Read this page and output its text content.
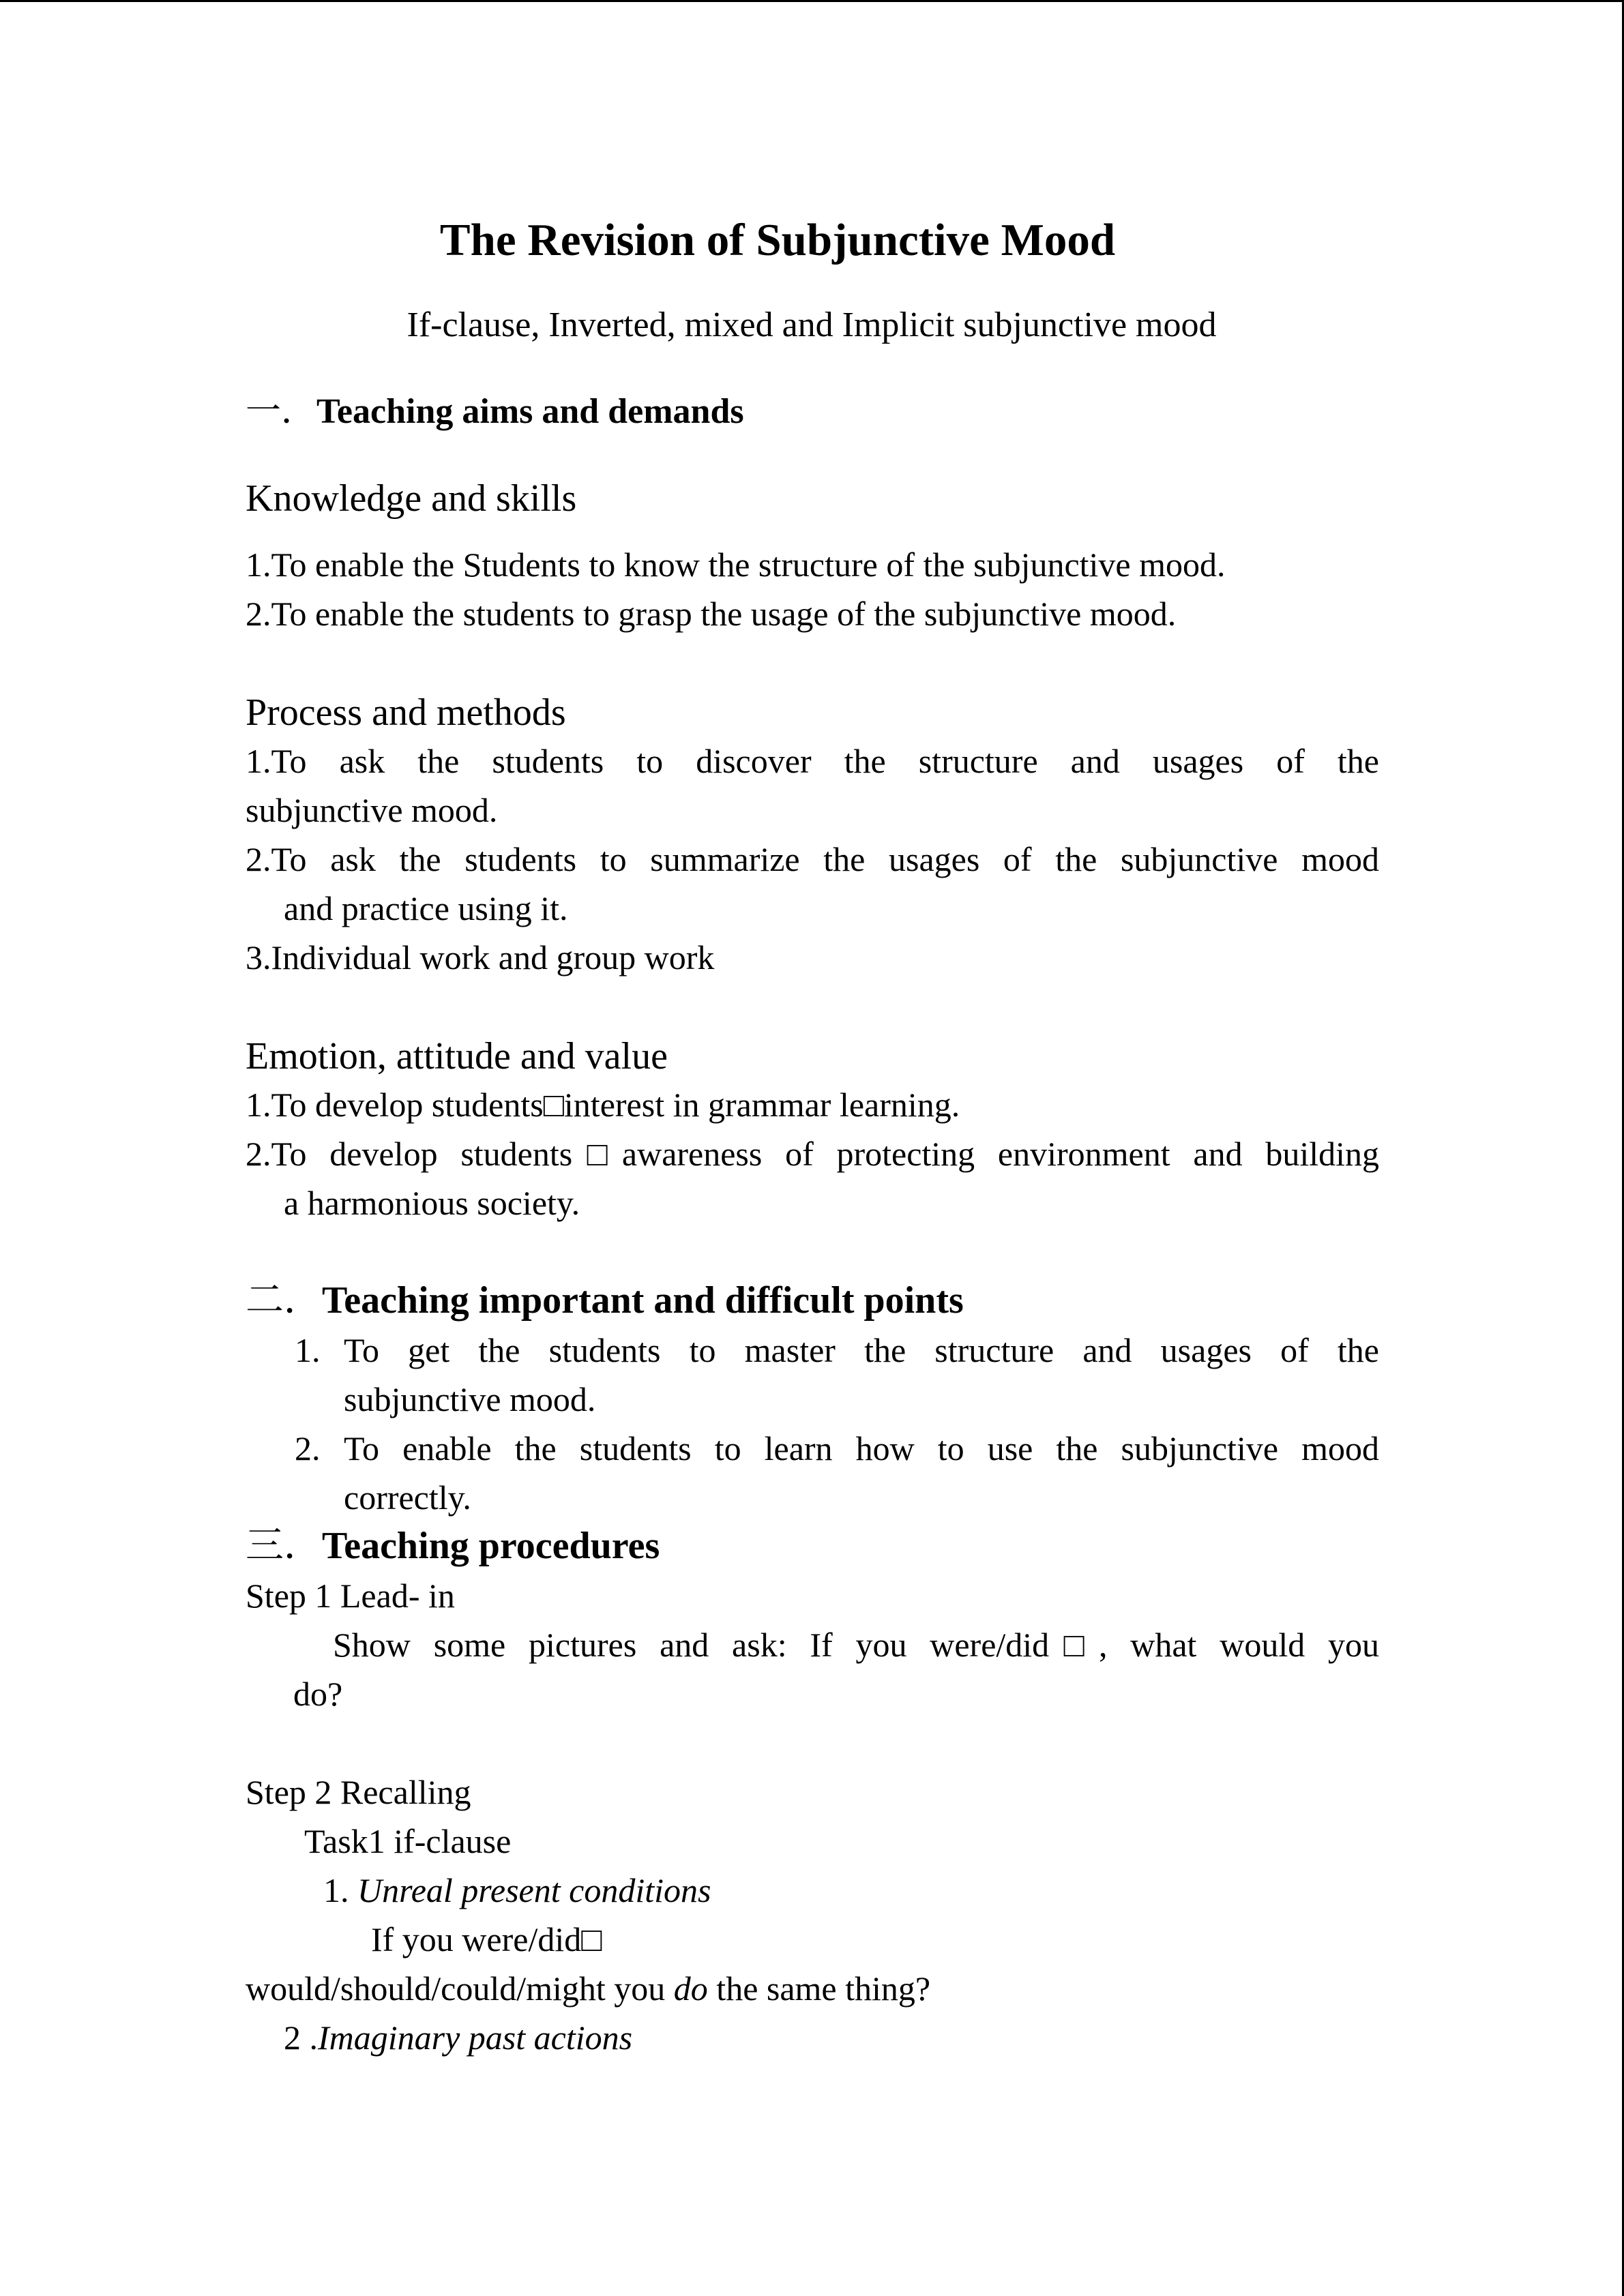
The Revision of Subjunctive Mood
If-clause, Inverted, mixed and Implicit subjunctive mood
一．Teaching aims and demands
Knowledge and skills
1.To enable the Students to know the structure of the subjunctive mood.
2.To enable the students to grasp the usage of the subjunctive mood.
Process and methods
1.To ask the students to discover the structure and usages of the
subjunctive mood.
2.To ask the students to summarize the usages of the subjunctive mood
and practice using it.
3.Individual work and group work
Emotion, attitude and value
1.To develop students□interest in grammar learning.
2.To develop students□awareness of protecting environment and building
a harmonious society.
二．Teaching important and difficult points
1. To get the students to master the structure and usages of the
subjunctive mood.
2. To enable the students to learn how to use the subjunctive mood
correctly.
三．Teaching procedures
Step 1 Lead- in
Show some pictures and ask: If you were/did□, what would you
do?
Step 2 Recalling
Task1 if-clause
1. Unreal present conditions
If you were/did□
would/should/could/might you do the same thing?
2 .Imaginary past actions
